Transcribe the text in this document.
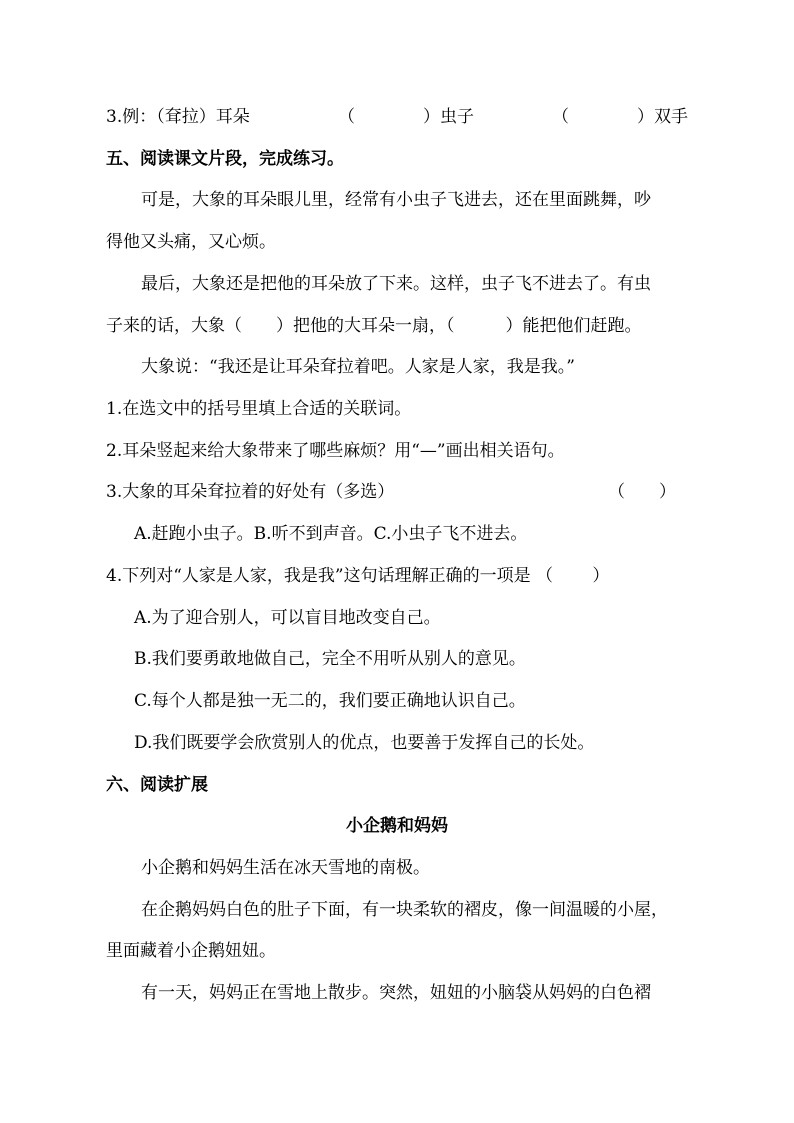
3.例：（耷拉）耳朵	（　　　　）虫子	（　　　　）双手
五、阅读课文片段，完成练习。
可是，大象的耳朵眼儿里，经常有小虫子飞进去，还在里面跳舞，吵
得他又头痛，又心烦。
最后，大象还是把他的耳朵放了下来。这样，虫子飞不进去了。有虫
子来的话，大象（　　）把他的大耳朵一扇，（　　　）能把他们赶跑。
大象说：“我还是让耳朵耷拉着吧。人家是人家，我是我。”
1.在选文中的括号里填上合适的关联词。
2.耳朵竖起来给大象带来了哪些麻烦？用“—”画出相关语句。
3.大象的耳朵耷拉着的好处有（多选）	（　　）
A.赶跑小虫子。B.听不到声音。C.小虫子飞不进去。
4.下列对“人家是人家，我是我”这句话理解正确的一项是 （　　 ）
A.为了迎合别人，可以盲目地改变自己。
B.我们要勇敢地做自己，完全不用听从别人的意见。
C.每个人都是独一无二的，我们要正确地认识自己。
D.我们既要学会欣赏别人的优点，也要善于发挥自己的长处。
六、阅读扩展
小企鹅和妈妈
小企鹅和妈妈生活在冰天雪地的南极。
在企鹅妈妈白色的肚子下面，有一块柔软的褶皮，像一间温暖的小屋，
里面藏着小企鹅妞妞。
有一天，妈妈正在雪地上散步。突然，妞妞的小脑袋从妈妈的白色褶
